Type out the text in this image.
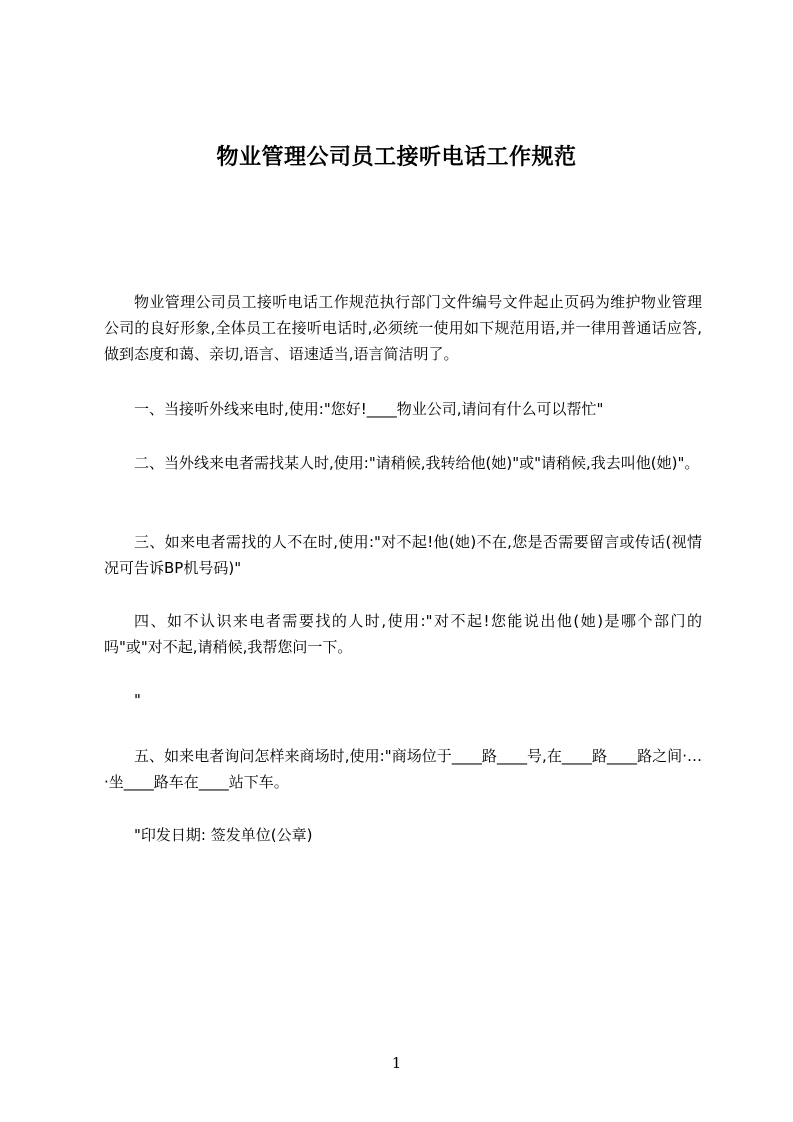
物业管理公司员工接听电话工作规范

物业管理公司员工接听电话工作规范执行部门文件编号文件起止页码为维护物业管理公司的良好形象,全体员工在接听电话时,必须统一使用如下规范用语,并一律用普通话应答,做到态度和蔼、亲切,语言、语速适当,语言简洁明了。

一、当接听外线来电时,使用:"您好!____物业公司,请问有什么可以帮忙"

二、当外线来电者需找某人时,使用:"请稍候,我转给他(她)"或"请稍候,我去叫他(她)"。

三、如来电者需找的人不在时,使用:"对不起!他(她)不在,您是否需要留言或传话(视情况可告诉BP机号码)"

四、如不认识来电者需要找的人时,使用:"对不起!您能说出他(她)是哪个部门的吗"或"对不起,请稍候,我帮您问一下。

"

五、如来电者询问怎样来商场时,使用:"商场位于____路____号,在____路____路之间·…·坐____路车在____站下车。

"印发日期: 签发单位(公章)

1
